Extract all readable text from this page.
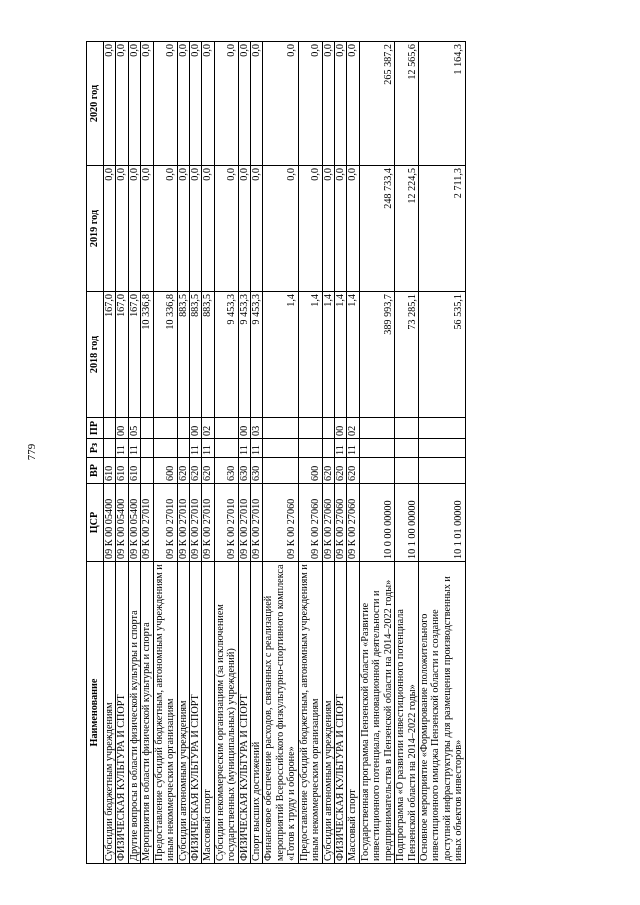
779
Наименование	ЦСР	ВР	Рз	ПР	2018 год	2019 год	2020 год
Субсидии бюджетным учреждениям	09 К 00 05400	610			167,0	0,0	0,0
ФИЗИЧЕСКАЯ КУЛЬТУРА И СПОРТ	09 К 00 05400	610	11	00	167,0	0,0	0,0
Другие вопросы в области физической культуры и спорта	09 К 00 05400	610	11	05	167,0	0,0	0,0
Мероприятия в области физической культуры и спорта	09 К 00 27010				10 336,8	0,0	0,0
Предоставление субсидий бюджетным, автономным учреждениям и иным некоммерческим организациям	09 К 00 27010	600			10 336,8	0,0	0,0
Субсидии автономным учреждениям	09 К 00 27010	620			883,5	0,0	0,0
ФИЗИЧЕСКАЯ КУЛЬТУРА И СПОРТ	09 К 00 27010	620	11	00	883,5	0,0	0,0
Массовый спорт	09 К 00 27010	620	11	02	883,5	0,0	0,0
Субсидии некоммерческим организациям (за исключением государственных (муниципальных) учреждений)	09 К 00 27010	630			9 453,3	0,0	0,0
ФИЗИЧЕСКАЯ КУЛЬТУРА И СПОРТ	09 К 00 27010	630	11	00	9 453,3	0,0	0,0
Спорт высших достижений	09 К 00 27010	630	11	03	9 453,3	0,0	0,0
Финансовое обеспечение расходов, связанных с реализацией мероприятий Всероссийского физкультурно-спортивного комплекса «Готов к труду и обороне»	09 К 00 27060				1,4	0,0	0,0
Предоставление субсидий бюджетным, автономным учреждениям и иным некоммерческим организациям	09 К 00 27060	600			1,4	0,0	0,0
Субсидии автономным учреждениям	09 К 00 27060	620			1,4	0,0	0,0
ФИЗИЧЕСКАЯ КУЛЬТУРА И СПОРТ	09 К 00 27060	620	11	00	1,4	0,0	0,0
Массовый спорт	09 К 00 27060	620	11	02	1,4	0,0	0,0
Государственная программа Пензенской области «Развитие инвестиционного потенциала, инновационной деятельности и предпринимательства в Пензенской области на 2014–2022 годы»	10 0 00 00000				389 993,7	248 733,4	265 387,2
Подпрограмма «О развитии инвестиционного потенциала Пензенской области на 2014–2022 годы»	10 1 00 00000				73 285,1	12 224,5	12 565,6
Основное мероприятие «Формирование положительного инвестиционного имиджа Пензенской области и создание доступной инфраструктуры для размещения производственных и иных объектов инвесторов»	10 1 01 00000				56 535,1	2 711,3	1 164,3
